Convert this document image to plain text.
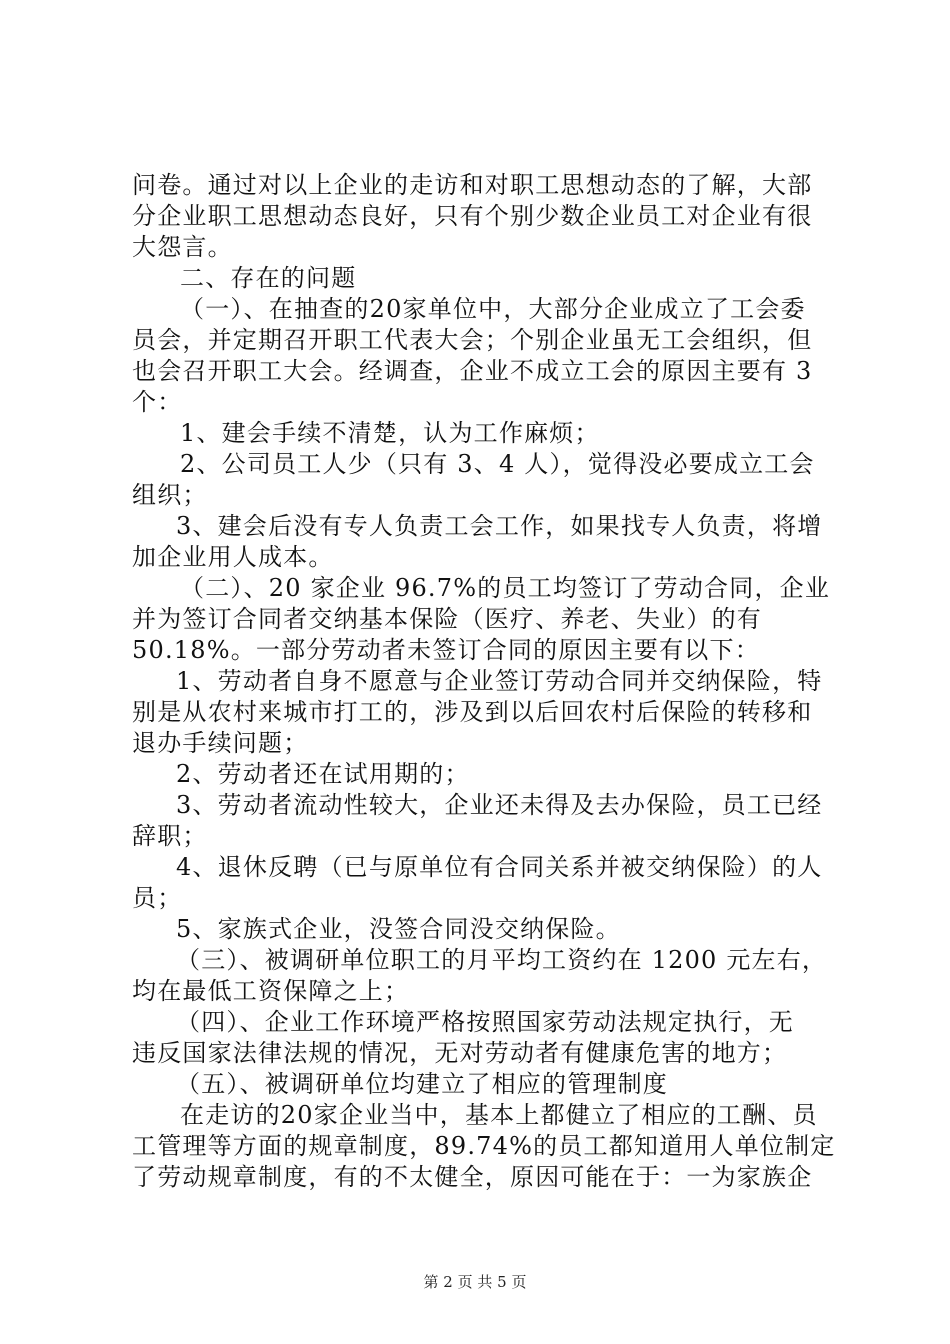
问卷。通过对以上企业的走访和对职工思想动态的了解，大部
分企业职工思想动态良好，只有个别少数企业员工对企业有很
大怨言。
二、存在的问题
（一）、在抽查的20家单位中，大部分企业成立了工会委
员会，并定期召开职工代表大会；个别企业虽无工会组织，但
也会召开职工大会。经调查，企业不成立工会的原因主要有 3
个：
1、建会手续不清楚，认为工作麻烦；
2、公司员工人少（只有 3、4 人），觉得没必要成立工会
组织；
3、建会后没有专人负责工会工作，如果找专人负责，将增
加企业用人成本。
（二）、20 家企业 96.7%的员工均签订了劳动合同，企业
并为签订合同者交纳基本保险（医疗、养老、失业）的有
50.18%。一部分劳动者未签订合同的原因主要有以下：
1、劳动者自身不愿意与企业签订劳动合同并交纳保险，特
别是从农村来城市打工的，涉及到以后回农村后保险的转移和
退办手续问题；
2、劳动者还在试用期的；
3、劳动者流动性较大，企业还未得及去办保险，员工已经
辞职；
4、退休反聘（已与原单位有合同关系并被交纳保险）的人
员；
5、家族式企业，没签合同没交纳保险。
（三）、被调研单位职工的月平均工资约在 1200 元左右，
均在最低工资保障之上；
（四）、企业工作环境严格按照国家劳动法规定执行，无
违反国家法律法规的情况，无对劳动者有健康危害的地方；
（五）、被调研单位均建立了相应的管理制度
在走访的20家企业当中，基本上都健立了相应的工酬、员
工管理等方面的规章制度，89.74%的员工都知道用人单位制定
了劳动规章制度，有的不太健全，原因可能在于：一为家族企
第 2 页 共 5 页
